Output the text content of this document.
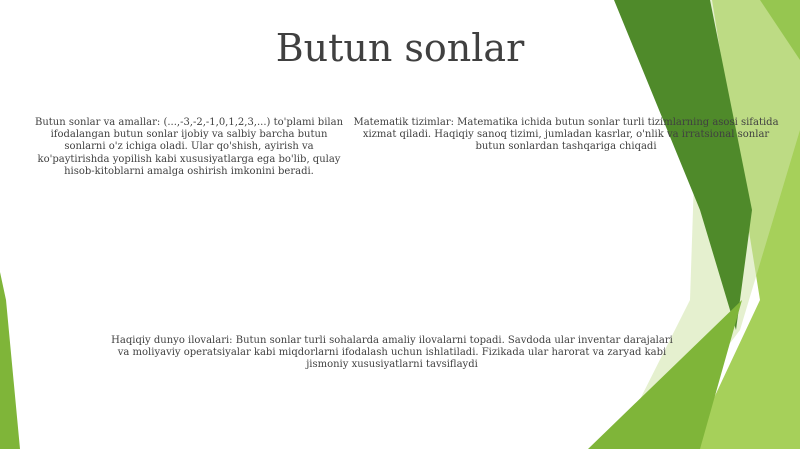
Butun sonlar

Butun sonlar va amallar: (...,-3,-2,-1,0,1,2,3,...) to'plami bilan ifodalangan butun sonlar ijobiy va salbiy barcha butun sonlarni o'z ichiga oladi. Ular qo'shish, ayirish va ko'paytirishda yopilish kabi xususiyatlarga ega bo'lib, qulay hisob-kitoblarni amalga oshirish imkonini beradi.

Matematik tizimlar: Matematika ichida butun sonlar turli tizimlarning asosi sifatida xizmat qiladi. Haqiqiy sanoq tizimi, jumladan kasrlar, o'nlik va irratsional sonlar butun sonlardan tashqariga chiqadi

Haqiqiy dunyo ilovalari: Butun sonlar turli sohalarda amaliy ilovalarni topadi. Savdoda ular inventar darajalari va moliyaviy operatsiyalar kabi miqdorlarni ifodalash uchun ishlatiladi. Fizikada ular harorat va zaryad kabi jismoniy xususiyatlarni tavsiflaydi
